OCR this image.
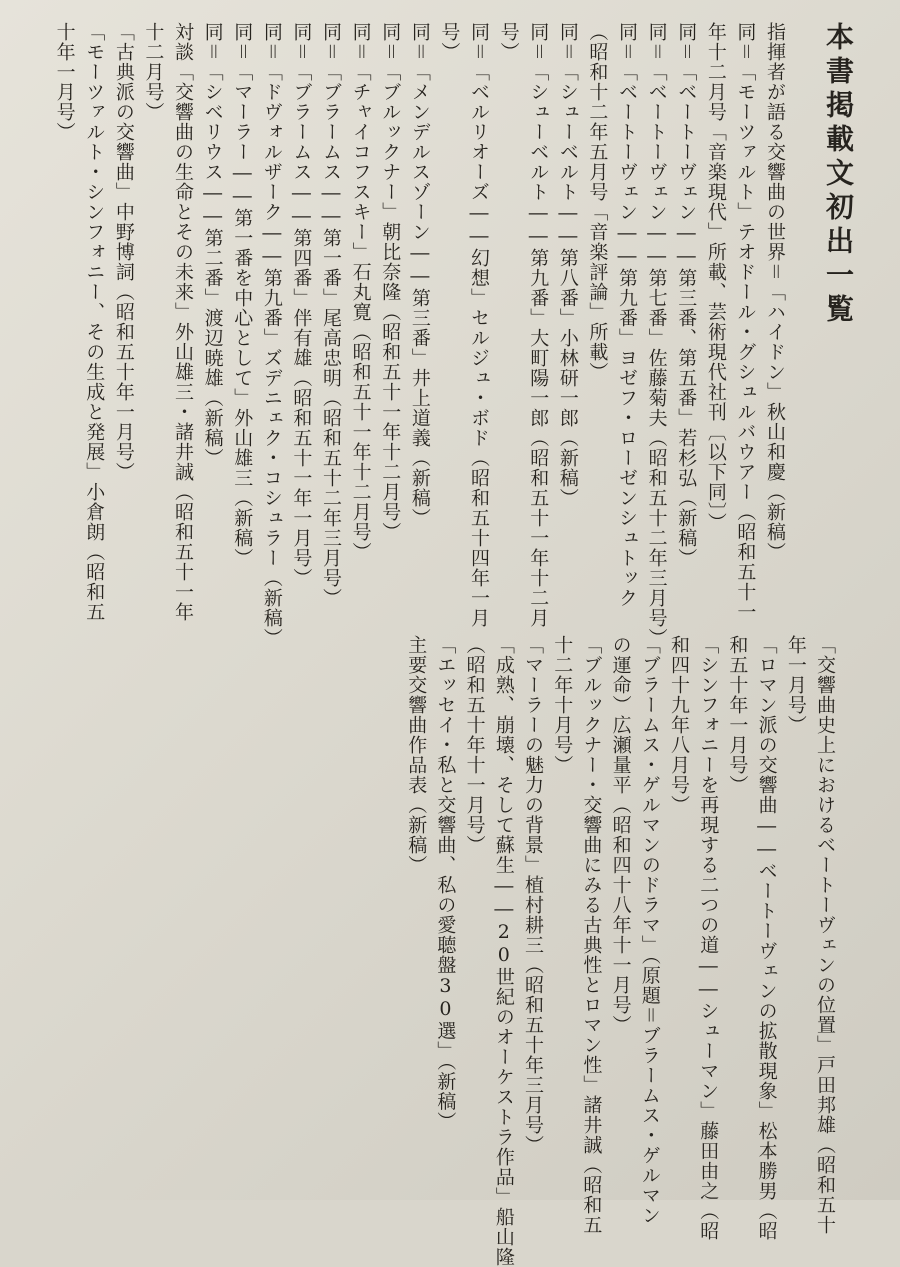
本書掲載文初出一覧
指揮者が語る交響曲の世界＝「ハイドン」秋山和慶（新稿）
同＝「モーツァルト」テオドール・グシュルバウアー（昭和五十一
年十二月号「音楽現代」所載、芸術現代社刊〔以下同〕）
同＝「ベートーヴェン――第三番、第五番」若杉弘（新稿）
同＝「ベートーヴェン――第七番」佐藤菊夫（昭和五十二年三月号）
同＝「ベートーヴェン――第九番」ヨゼフ・ローゼンシュトック
（昭和十二年五月号「音楽評論」所載）
同＝「シューベルト――第八番」小林研一郎（新稿）
同＝「シューベルト――第九番」大町陽一郎（昭和五十一年十二月
号）
同＝「ベルリオーズ――幻想」セルジュ・ボド（昭和五十四年一月
号）
同＝「メンデルスゾーン――第三番」井上道義（新稿）
同＝「ブルックナー」朝比奈隆（昭和五十一年十二月号）
同＝「チャイコフスキー」石丸寛（昭和五十一年十二月号）
同＝「ブラームス――第一番」尾高忠明（昭和五十二年三月号）
同＝「ブラームス――第四番」伴有雄（昭和五十一年一月号）
同＝「ドヴォルザーク――第九番」ズデニェク・コシュラー（新稿）
同＝「マーラー――第一番を中心として」外山雄三（新稿）
同＝「シベリウス――第二番」渡辺暁雄（新稿）
対談「交響曲の生命とその未来」外山雄三・諸井誠（昭和五十一年
十二月号）
「古典派の交響曲」中野博詞（昭和五十年一月号）
「モーツァルト・シンフォニー、その生成と発展」小倉朗（昭和五
十年一月号）
「交響曲史上におけるベートーヴェンの位置」戸田邦雄（昭和五十
年一月号）
「ロマン派の交響曲――ベートーヴェンの拡散現象」松本勝男（昭
和五十年一月号）
「シンフォニーを再現する二つの道――シューマン」藤田由之（昭
和四十九年八月号）
「ブラームス・ゲルマンのドラマ」（原題＝ブラームス・ゲルマン
の運命）広瀬量平（昭和四十八年十一月号）
「ブルックナー・交響曲にみる古典性とロマン性」諸井誠（昭和五
十二年十月号）
「マーラーの魅力の背景」植村耕三（昭和五十年三月号）
「成熟、崩壊、そして蘇生――20世紀のオーケストラ作品」船山隆
（昭和五十年十一月号）
「エッセイ・私と交響曲、私の愛聴盤30選」（新稿）
主要交響曲作品表（新稿）
